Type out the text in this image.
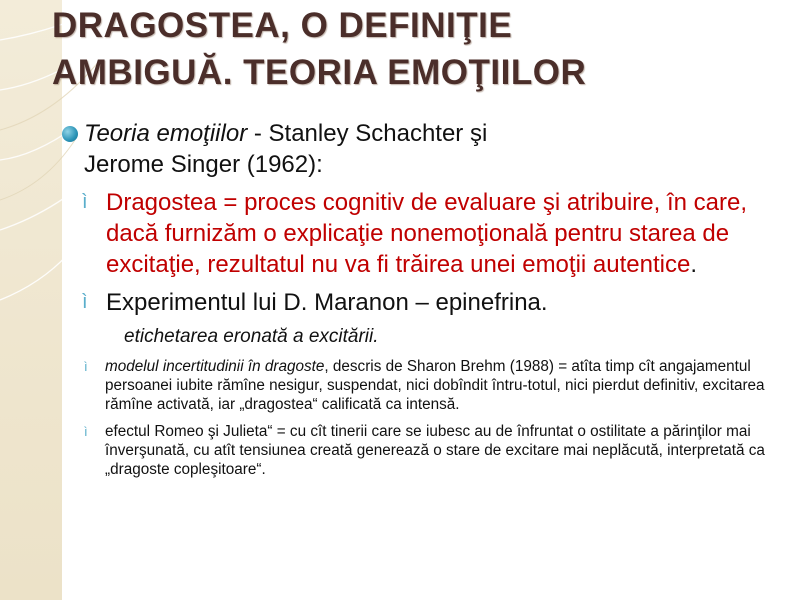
DRAGOSTEA, O DEFINIŢIE
AMBIGUĂ. TEORIA EMOŢIILOR
Teoria emoţiilor - Stanley Schachter şi
Jerome Singer (1962):
ì Dragostea = proces cognitiv de evaluare şi atribuire, în care, dacă furnizăm o explicaţie nonemoţională pentru starea de excitaţie, rezultatul nu va fi trăirea unei emoţii autentice.
ì Experimentul lui D. Maranon – epinefrina.
etichetarea eronată a excitării.
ì modelul incertitudinii în dragoste, descris de Sharon Brehm (1988) = atîta timp cît angajamentul persoanei iubite rămîne nesigur, suspendat, nici dobîndit întru-totul, nici pierdut definitiv, excitarea rămîne activată, iar „dragostea“ calificată ca intensă.
ì efectul Romeo şi Julieta“ = cu cît tinerii care se iubesc au de înfruntat o ostilitate a părinţilor mai înverşunată, cu atît tensiunea creată generează o stare de excitare mai neplăcută, interpretată ca „dragoste copleşitoare“.
